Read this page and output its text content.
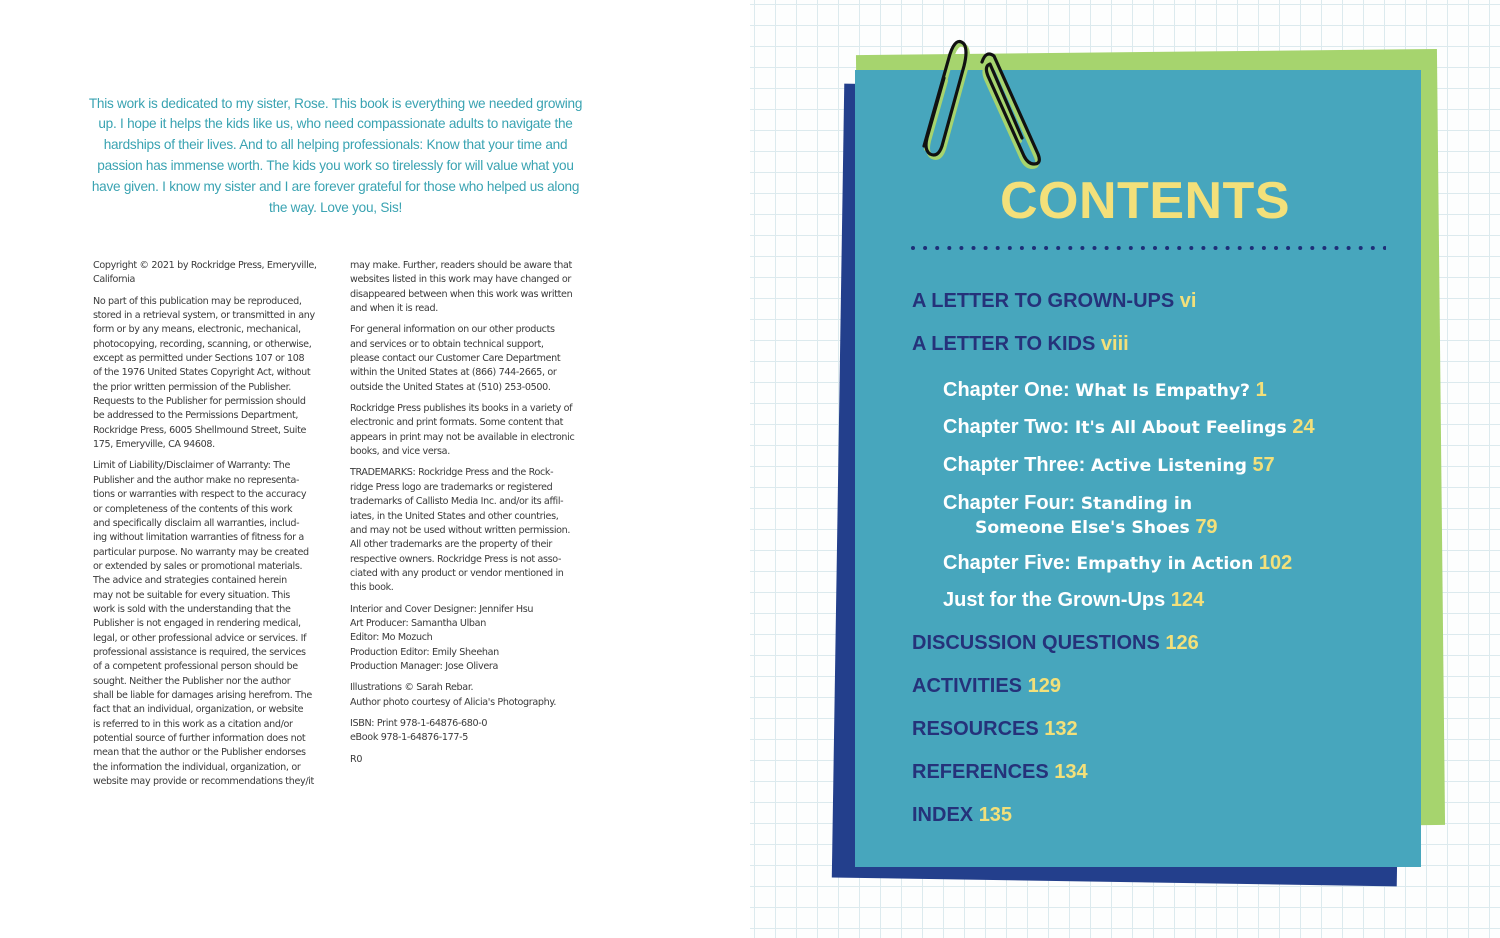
This work is dedicated to my sister, Rose. This book is everything we needed growing up. I hope it helps the kids like us, who need compassionate adults to navigate the hardships of their lives. And to all helping professionals: Know that your time and passion has immense worth. The kids you work so tirelessly for will value what you have given. I know my sister and I are forever grateful for those who helped us along the way. Love you, Sis!

Copyright © 2021 by Rockridge Press, Emeryville,
California

No part of this publication may be reproduced,
stored in a retrieval system, or transmitted in any
form or by any means, electronic, mechanical,
photocopying, recording, scanning, or otherwise,
except as permitted under Sections 107 or 108
of the 1976 United States Copyright Act, without
the prior written permission of the Publisher.
Requests to the Publisher for permission should
be addressed to the Permissions Department,
Rockridge Press, 6005 Shellmound Street, Suite
175, Emeryville, CA 94608.

Limit of Liability/Disclaimer of Warranty: The
Publisher and the author make no representa-
tions or warranties with respect to the accuracy
or completeness of the contents of this work
and specifically disclaim all warranties, includ-
ing without limitation warranties of fitness for a
particular purpose. No warranty may be created
or extended by sales or promotional materials.
The advice and strategies contained herein
may not be suitable for every situation. This
work is sold with the understanding that the
Publisher is not engaged in rendering medical,
legal, or other professional advice or services. If
professional assistance is required, the services
of a competent professional person should be
sought. Neither the Publisher nor the author
shall be liable for damages arising herefrom. The
fact that an individual, organization, or website
is referred to in this work as a citation and/or
potential source of further information does not
mean that the author or the Publisher endorses
the information the individual, organization, or
website may provide or recommendations they/it

may make. Further, readers should be aware that
websites listed in this work may have changed or
disappeared between when this work was written
and when it is read.

For general information on our other products
and services or to obtain technical support,
please contact our Customer Care Department
within the United States at (866) 744-2665, or
outside the United States at (510) 253-0500.

Rockridge Press publishes its books in a variety of
electronic and print formats. Some content that
appears in print may not be available in electronic
books, and vice versa.

TRADEMARKS: Rockridge Press and the Rock-
ridge Press logo are trademarks or registered
trademarks of Callisto Media Inc. and/or its affil-
iates, in the United States and other countries,
and may not be used without written permission.
All other trademarks are the property of their
respective owners. Rockridge Press is not asso-
ciated with any product or vendor mentioned in
this book.

Interior and Cover Designer: Jennifer Hsu
Art Producer: Samantha Ulban
Editor: Mo Mozuch
Production Editor: Emily Sheehan
Production Manager: Jose Olivera

Illustrations © Sarah Rebar.
Author photo courtesy of Alicia's Photography.

ISBN: Print 978-1-64876-680-0
eBook 978-1-64876-177-5

R0

CONTENTS

A LETTER TO GROWN-UPS vi

A LETTER TO KIDS viii

Chapter One: What Is Empathy? 1

Chapter Two: It's All About Feelings 24

Chapter Three: Active Listening 57

Chapter Four: Standing in
Someone Else's Shoes 79

Chapter Five: Empathy in Action 102

Just for the Grown-Ups 124

DISCUSSION QUESTIONS 126

ACTIVITIES 129

RESOURCES 132

REFERENCES 134

INDEX 135
